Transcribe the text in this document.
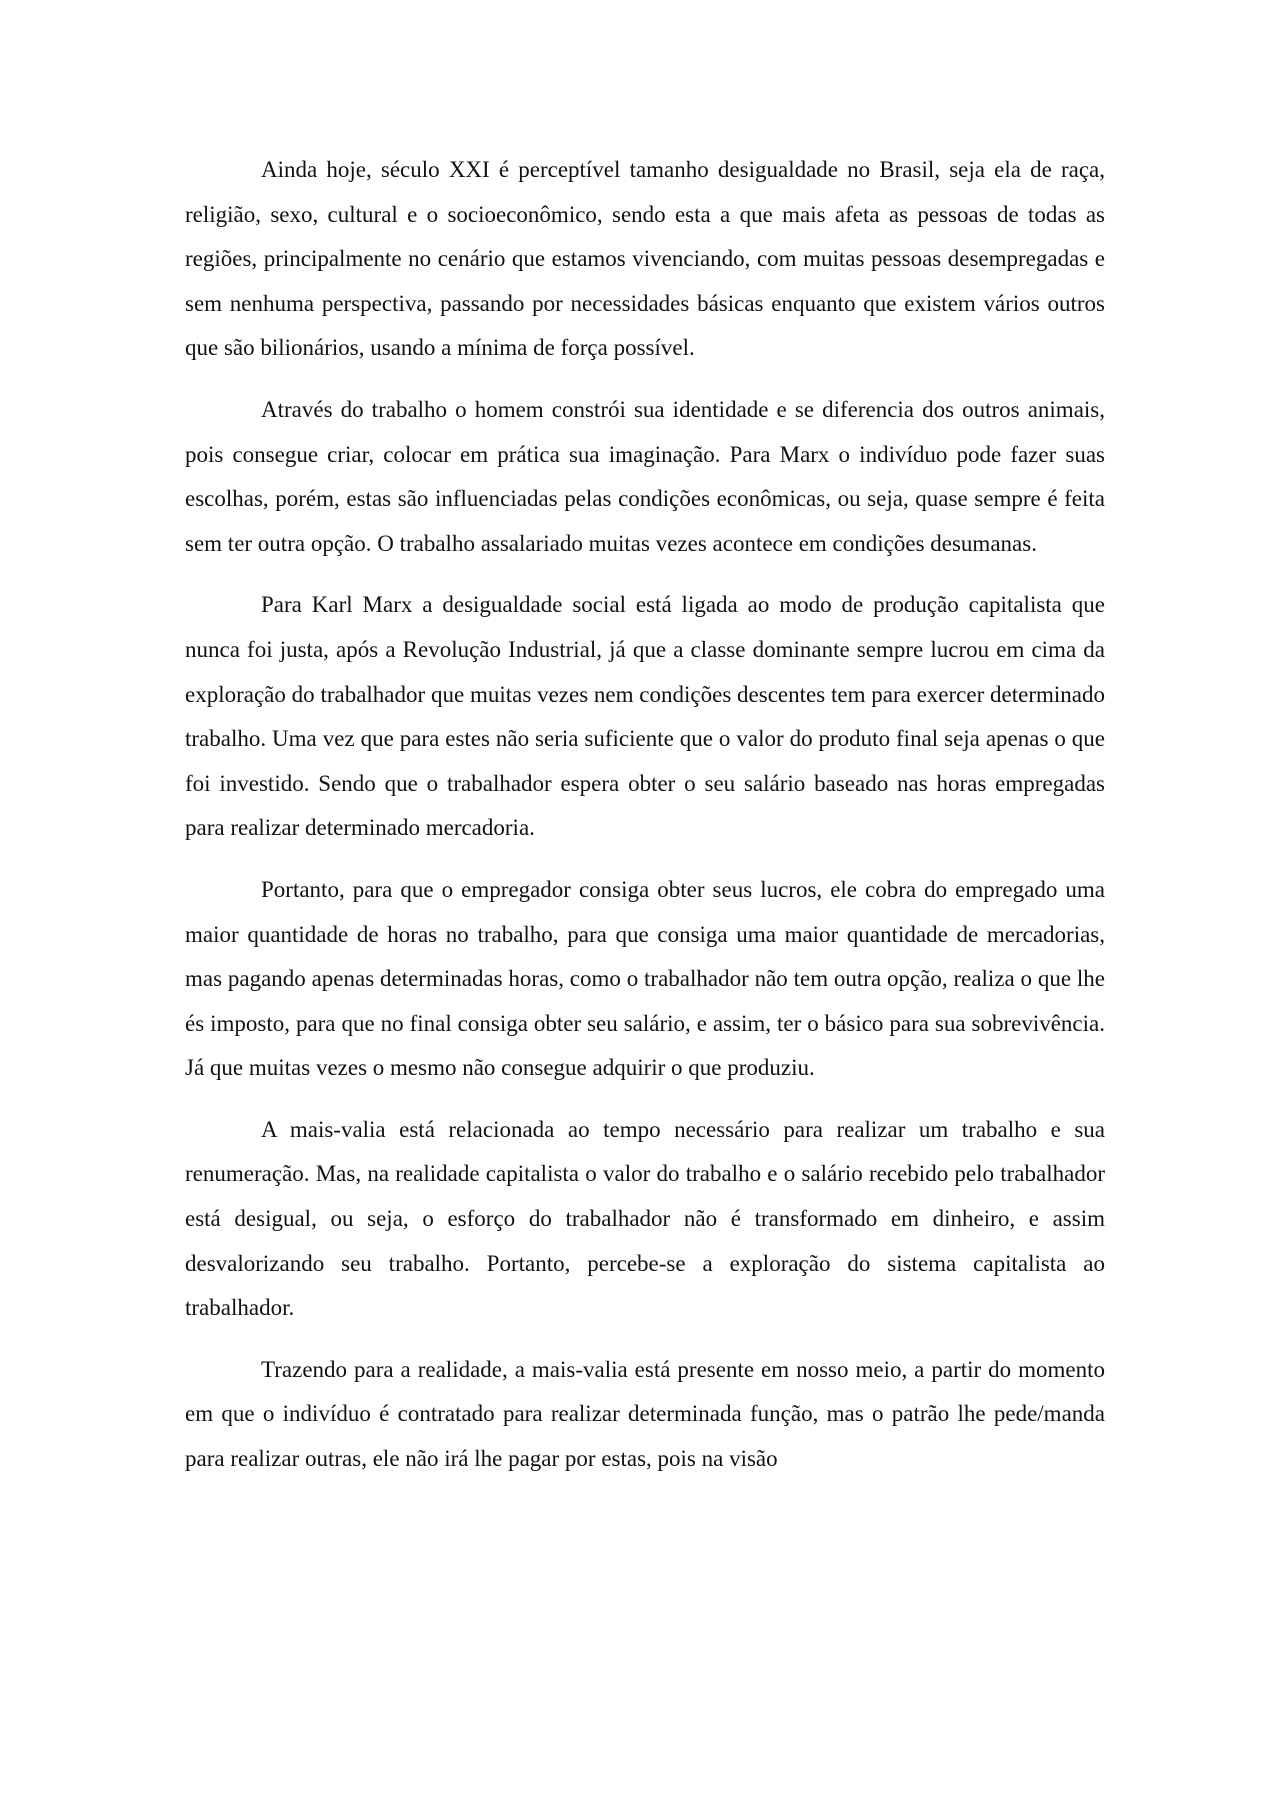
Ainda hoje, século XXI é perceptível tamanho desigualdade no Brasil, seja ela de raça, religião, sexo, cultural e o socioeconômico, sendo esta a que mais afeta as pessoas de todas as regiões, principalmente no cenário que estamos vivenciando, com muitas pessoas desempregadas e sem nenhuma perspectiva, passando por necessidades básicas enquanto que existem vários outros que são bilionários, usando a mínima de força possível.

Através do trabalho o homem constrói sua identidade e se diferencia dos outros animais, pois consegue criar, colocar em prática sua imaginação. Para Marx o indivíduo pode fazer suas escolhas, porém, estas são influenciadas pelas condições econômicas, ou seja, quase sempre é feita sem ter outra opção. O trabalho assalariado muitas vezes acontece em condições desumanas.

Para Karl Marx a desigualdade social está ligada ao modo de produção capitalista que nunca foi justa, após a Revolução Industrial, já que a classe dominante sempre lucrou em cima da exploração do trabalhador que muitas vezes nem condições descentes tem para exercer determinado trabalho. Uma vez que para estes não seria suficiente que o valor do produto final seja apenas o que foi investido. Sendo que o trabalhador espera obter o seu salário baseado nas horas empregadas para realizar determinado mercadoria.

Portanto, para que o empregador consiga obter seus lucros, ele cobra do empregado uma maior quantidade de horas no trabalho, para que consiga uma maior quantidade de mercadorias, mas pagando apenas determinadas horas, como o trabalhador não tem outra opção, realiza o que lhe és imposto, para que no final consiga obter seu salário, e assim, ter o básico para sua sobrevivência. Já que muitas vezes o mesmo não consegue adquirir o que produziu.

A mais-valia está relacionada ao tempo necessário para realizar um trabalho e sua renumeração. Mas, na realidade capitalista o valor do trabalho e o salário recebido pelo trabalhador está desigual, ou seja, o esforço do trabalhador não é transformado em dinheiro, e assim desvalorizando seu trabalho. Portanto, percebe-se a exploração do sistema capitalista ao trabalhador.

Trazendo para a realidade, a mais-valia está presente em nosso meio, a partir do momento em que o indivíduo é contratado para realizar determinada função, mas o patrão lhe pede/manda para realizar outras, ele não irá lhe pagar por estas, pois na visão
